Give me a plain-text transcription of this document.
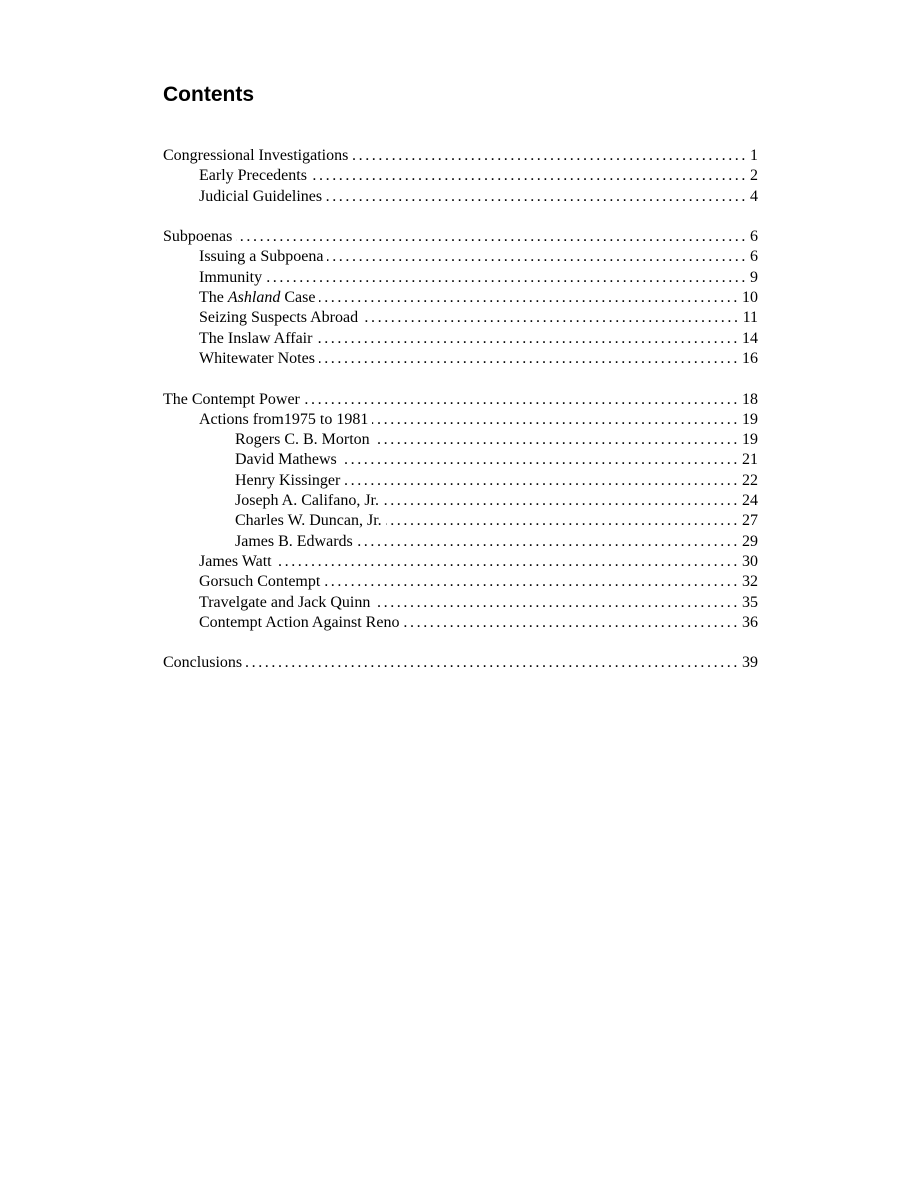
Contents
Congressional Investigations .....	1
Early Precedents .....	2
Judicial Guidelines .....	4
Subpoenas .....	6
Issuing a Subpoena .....	6
Immunity .....	9
The Ashland Case .....	10
Seizing Suspects Abroad .....	11
The Inslaw Affair .....	14
Whitewater Notes .....	16
The Contempt Power .....	18
Actions from1975 to 1981 .....	19
Rogers C. B. Morton .....	19
David Mathews .....	21
Henry Kissinger .....	22
Joseph A. Califano, Jr. .....	24
Charles W. Duncan, Jr. .....	27
James B. Edwards .....	29
James Watt .....	30
Gorsuch Contempt .....	32
Travelgate and Jack Quinn .....	35
Contempt Action Against Reno .....	36
Conclusions .....	39
